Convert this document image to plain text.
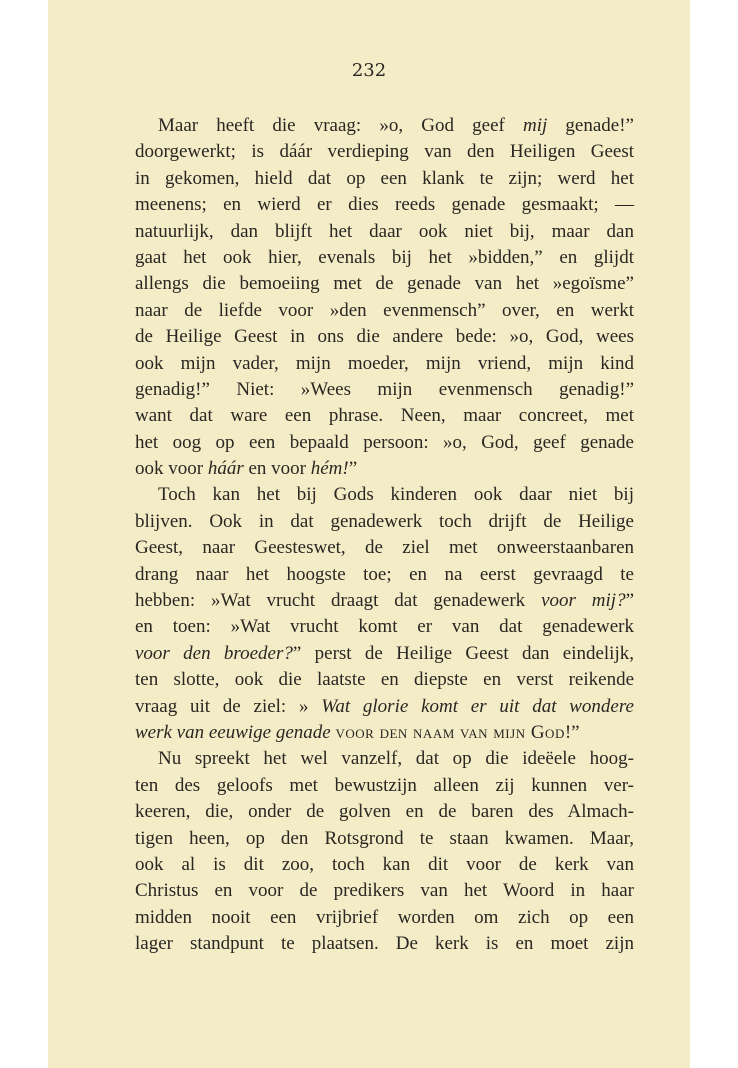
232
Maar heeft die vraag: »o, God geef mij genade!”
doorgewerkt; is dáár verdieping van den Heiligen Geest
in gekomen, hield dat op een klank te zijn; werd het
meenens; en wierd er dies reeds genade gesmaakt; —
natuurlijk, dan blijft het daar ook niet bij, maar dan
gaat het ook hier, evenals bij het »bidden,” en glijdt
allengs die bemoeiing met de genade van het »egoïsme”
naar de liefde voor »den evenmensch” over, en werkt
de Heilige Geest in ons die andere bede: »o, God, wees
ook mijn vader, mijn moeder, mijn vriend, mijn kind
genadig!” Niet: »Wees mijn evenmensch genadig!”
want dat ware een phrase. Neen, maar concreet, met
het oog op een bepaald persoon: »o, God, geef genade
ook voor háár en voor hém!”
Toch kan het bij Gods kinderen ook daar niet bij
blijven. Ook in dat genadewerk toch drijft de Heilige
Geest, naar Geesteswet, de ziel met onweerstaanbaren
drang naar het hoogste toe; en na eerst gevraagd te
hebben: »Wat vrucht draagt dat genadewerk voor mij?”
en toen: »Wat vrucht komt er van dat genadewerk
voor den broeder?” perst de Heilige Geest dan eindelijk,
ten slotte, ook die laatste en diepste en verst reikende
vraag uit de ziel: » Wat glorie komt er uit dat wondere
werk van eeuwige genade voor den naam van mijn God!”
Nu spreekt het wel vanzelf, dat op die ideëele hoog-
ten des geloofs met bewustzijn alleen zij kunnen ver-
keeren, die, onder de golven en de baren des Almach-
tigen heen, op den Rotsgrond te staan kwamen. Maar,
ook al is dit zoo, toch kan dit voor de kerk van
Christus en voor de predikers van het Woord in haar
midden nooit een vrijbrief worden om zich op een
lager standpunt te plaatsen. De kerk is en moet zijn
